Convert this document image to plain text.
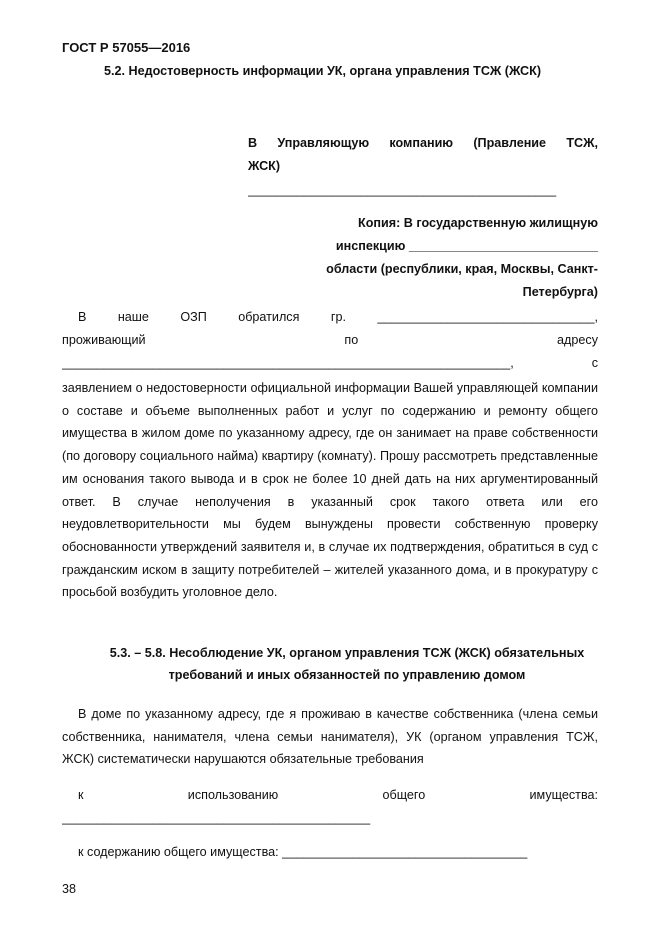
ГОСТ Р 57055—2016
5.2. Недостоверность информации УК, органа управления ТСЖ (ЖСК)
В Управляющую компанию (Правление ТСЖ,
ЖСК)
____________________________________________
Копия: В государственную жилищную
инспекцию ___________________________
области (республики, края, Москвы, Санкт-
Петербурга)
В наше ОЗП обратился гр. _______________________________,
проживающий по адресу
________________________________________________________________, с
заявлением о недостоверности официальной информации Вашей управляющей компании о составе и объеме выполненных работ и услуг по содержанию и ремонту общего имущества в жилом доме по указанному адресу, где он занимает на праве собственности (по договору социального найма) квартиру (комнату). Прошу рассмотреть представленные им основания такого вывода и в срок не более 10 дней дать на них аргументированный ответ. В случае неполучения в указанный срок такого ответа или его неудовлетворительности мы будем вынуждены провести собственную проверку обоснованности утверждений заявителя и, в случае их подтверждения, обратиться в суд с гражданским иском в защиту потребителей – жителей указанного дома, и в прокуратуру с просьбой возбудить уголовное дело.
5.3. – 5.8. Несоблюдение УК, органом управления ТСЖ (ЖСК) обязательных
требований и иных обязанностей по управлению домом
В доме по указанному адресу, где я проживаю в качестве собственника (члена семьи собственника, нанимателя, члена семьи нанимателя), УК (органом управления ТСЖ, ЖСК) систематически нарушаются обязательные требования
к использованию общего имущества:
____________________________________________
к содержанию общего имущества: ___________________________________
38
